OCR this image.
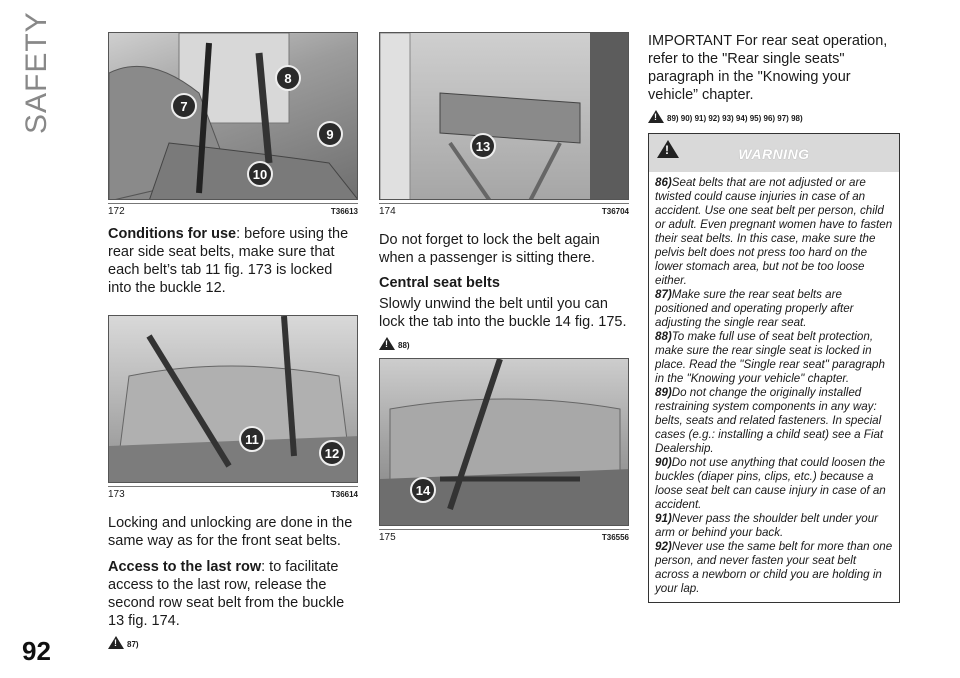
SAFETY
92
7
8
9
10
172	T36613

Conditions for use: before using the rear side seat belts, make sure that each belt’s tab 11 fig. 173 is locked into the buckle 12.

11
12
173	T36614

Locking and unlocking are done in the same way as for the front seat belts.

Access to the last row: to facilitate access to the last row, release the second row seat belt from the buckle 13 fig. 174.

!
87)
13
174	T36704

Do not forget to lock the belt again when a passenger is sitting there.

Central seat belts

Slowly unwind the belt until you can lock the tab into the buckle 14 fig. 175.

!
88)
14
175	T36556

IMPORTANT For rear seat operation, refer to the "Rear single seats" paragraph in the "Knowing your vehicle” chapter.

!
89) 90) 91) 92) 93) 94) 95) 96) 97) 98)
!
WARNING
86)Seat belts that are not adjusted or are twisted could cause injuries in case of an accident. Use one seat belt per person, child or adult. Even pregnant women have to fasten their seat belts. In this case, make sure the pelvis belt does not press too hard on the lower stomach area, but not be too loose either.
87)Make sure the rear seat belts are positioned and operating properly after adjusting the single rear seat.
88)To make full use of seat belt protection, make sure the rear single seat is locked in place. Read the "Single rear seat" paragraph in the "Knowing your vehicle" chapter.
89)Do not change the originally installed restraining system components in any way: belts, seats and related fasteners. In special cases (e.g.: installing a child seat) see a Fiat Dealership.
90)Do not use anything that could loosen the buckles (diaper pins, clips, etc.) because a loose seat belt can cause injury in case of an accident.
91)Never pass the shoulder belt under your arm or behind your back.
92)Never use the same belt for more than one person, and never fasten your seat belt across a newborn or child you are holding in your lap.
